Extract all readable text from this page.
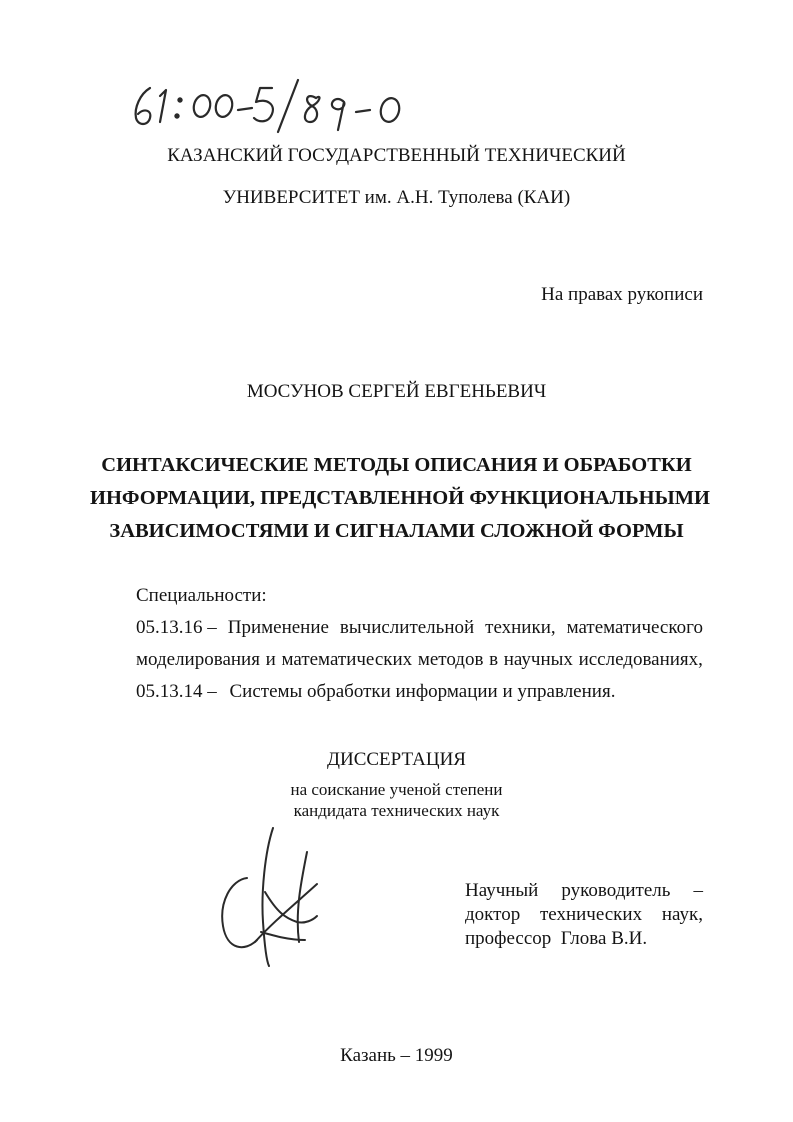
КАЗАНСКИЙ ГОСУДАРСТВЕННЫЙ ТЕХНИЧЕСКИЙ
УНИВЕРСИТЕТ им. А.Н. Туполева (КАИ)
На правах рукописи
МОСУНОВ СЕРГЕЙ ЕВГЕНЬЕВИЧ
СИНТАКСИЧЕСКИЕ МЕТОДЫ ОПИСАНИЯ И ОБРАБОТКИ
ИНФОРМАЦИИ, ПРЕДСТАВЛЕННОЙ ФУНКЦИОНАЛЬНЫМИ
ЗАВИСИМОСТЯМИ И СИГНАЛАМИ СЛОЖНОЙ ФОРМЫ
Специальности:
05.13.16 – Применение вычислительной техники, математического
моделирования и математических методов в научных исследованиях,
05.13.14 – Системы обработки информации и управления.
ДИССЕРТАЦИЯ
на соискание ученой степени
кандидата технических наук
Научный руководитель –
доктор технических наук,
профессор  Глова В.И.
Казань – 1999
